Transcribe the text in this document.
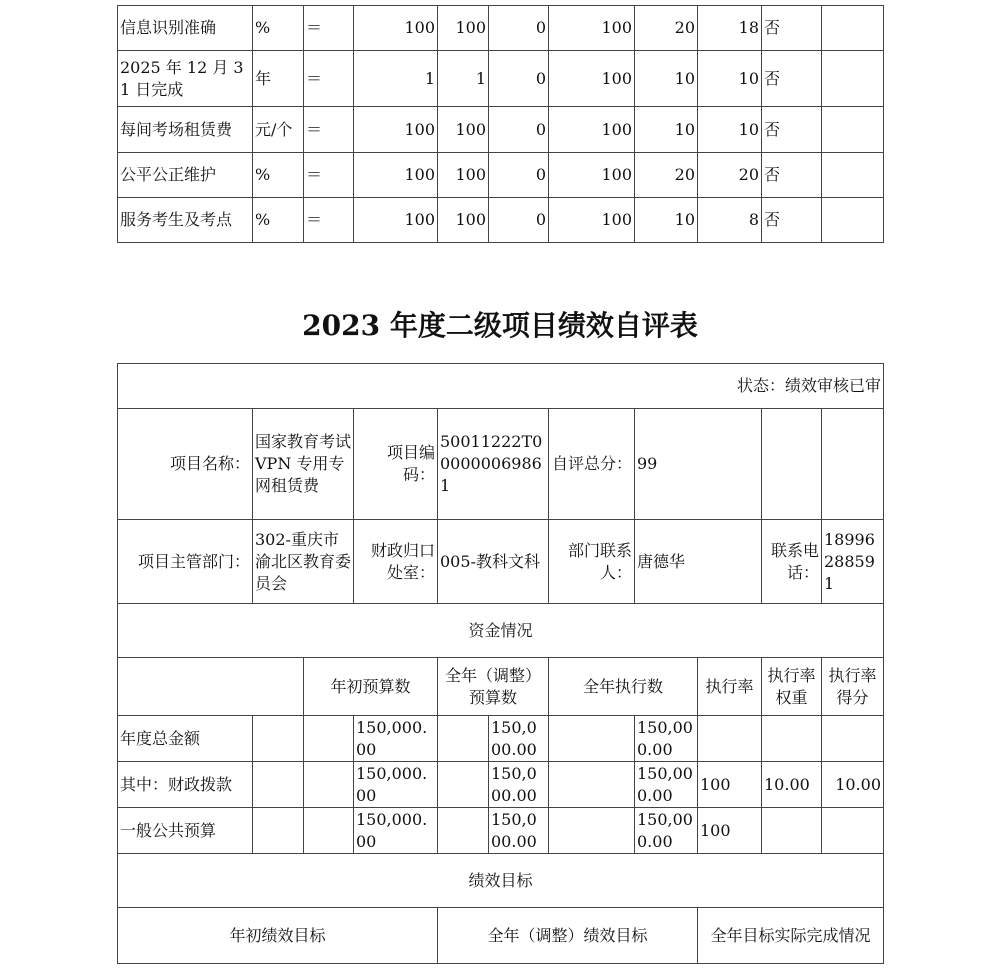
信息识别准确	%	＝	100	100	0	100	20	18	否	
2025 年 12 月 31 日完成	年	＝	1	1	0	100	10	10	否	
每间考场租赁费	元/个	＝	100	100	0	100	10	10	否	
公平公正维护	%	＝	100	100	0	100	20	20	否	
服务考生及考点	%	＝	100	100	0	100	10	8	否	
2023 年度二级项目绩效自评表
状态：绩效审核已审										
项目名称：	国家教育考试 VPN 专用专网租赁费		项目编码：	50011222T000000069861		自评总分：	99			
项目主管部门：	302-重庆市渝北区教育委员会		财政归口处室：	005-教科文科		部门联系人：	唐德华		联系电话：	18996288591
资金情况										
		年初预算数		全年（调整）预算数		全年执行数		执行率	执行率权重	执行率得分
年度总金额			150,000.00		150,000.00		150,000.00			
其中：财政拨款			150,000.00		150,000.00		150,000.00	100	10.00	10.00
一般公共预算			150,000.00		150,000.00		150,000.00	100		
绩效目标										
年初绩效目标				全年（调整）绩效目标				全年目标实际完成情况		
